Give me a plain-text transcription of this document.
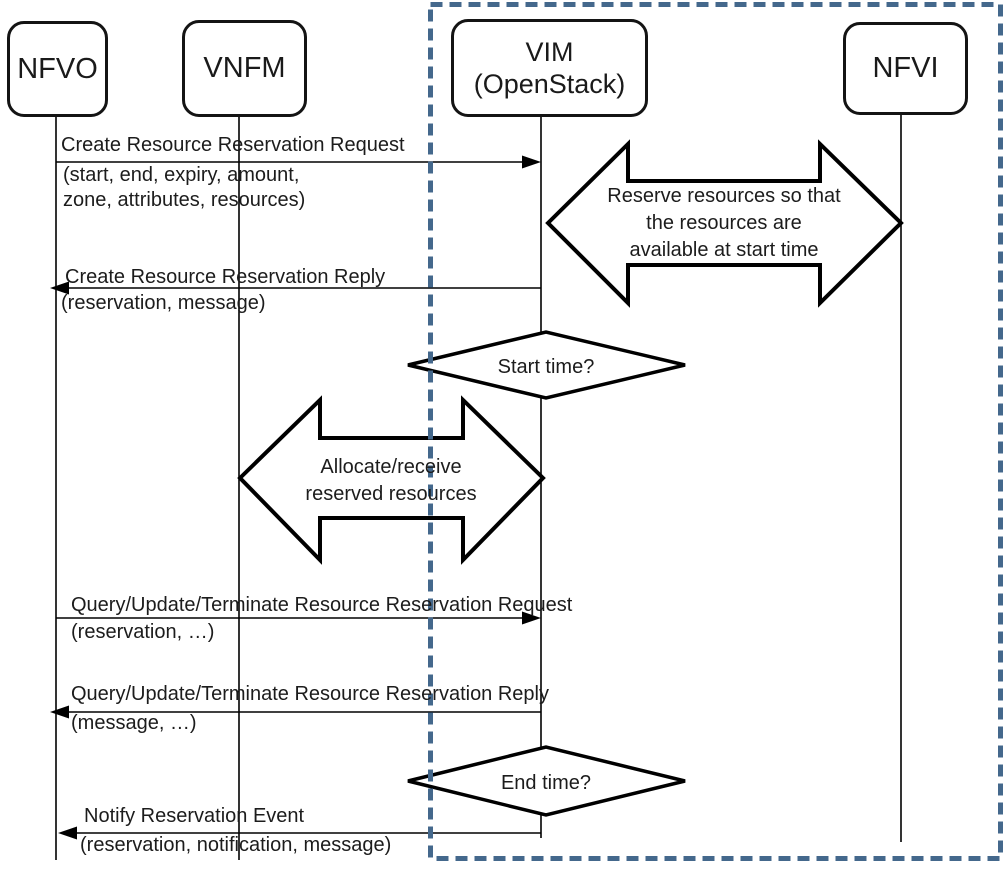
Create Resource Reservation Request
(start, end, expiry, amount,
zone, attributes, resources)
Create Resource Reservation Reply
(reservation, message)
Query/Update/Terminate Resource Reservation Request
(reservation, …)
Query/Update/Terminate Resource Reservation Reply
(message, …)
Notify Reservation Event
(reservation, notification, message)
Reserve resources so that
the resources are
available at start time
Allocate/receive
reserved resources
Start time?
End time?
NFVO	VNFM	VIM
(OpenStack)	NFVI
